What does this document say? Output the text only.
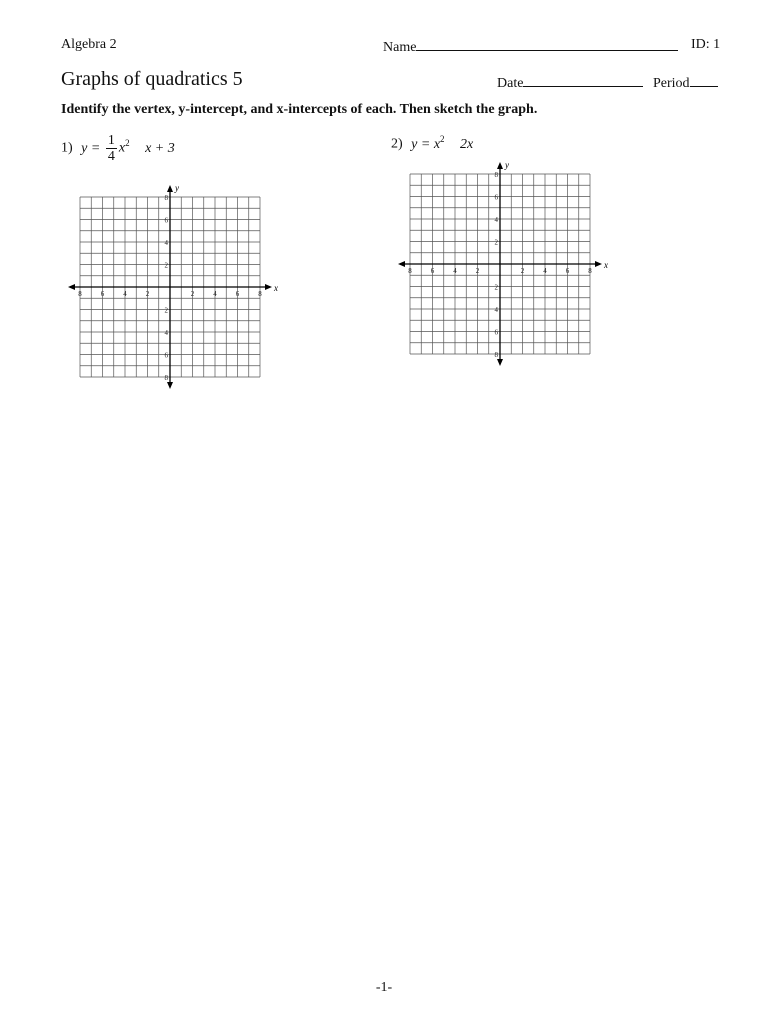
Algebra 2	Name	ID: 1
Graphs of quadratics 5	Date	Period
Identify the vertex, y-intercept, and x-intercepts of each. Then sketch the graph.
1) $y = \frac{1}{4} x^2$ x + 3	2) $y = x^2$ 2x
x
y
8
8
6
6
4
4
2
2
2
2
4
4
6
6
8
8
x
y
8
8
6
6
4
4
2
2
2
2
4
4
6
6
8
8
-1-
